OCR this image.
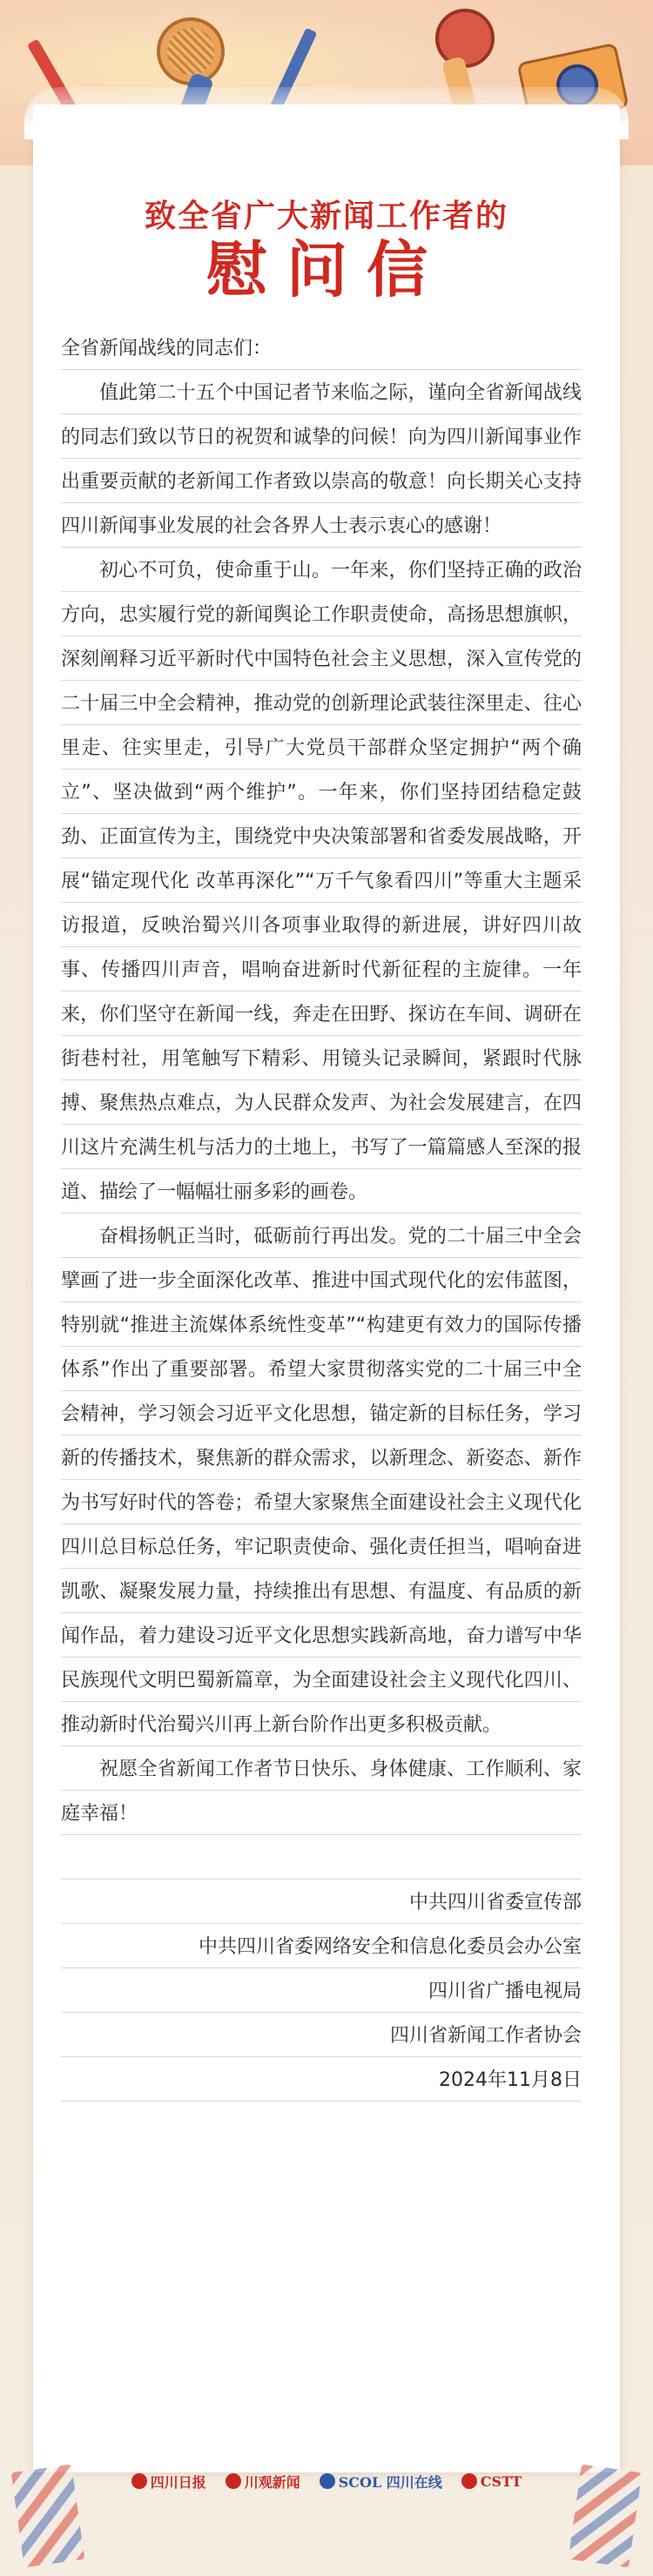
致全省广大新闻工作者的
慰问信

全省新闻战线的同志们：

值此第二十五个中国记者节来临之际，谨向全省新闻战线的同志们致以节日的祝贺和诚挚的问候！向为四川新闻事业作出重要贡献的老新闻工作者致以崇高的敬意！向长期关心支持四川新闻事业发展的社会各界人士表示衷心的感谢！

初心不可负，使命重于山。一年来，你们坚持正确的政治方向，忠实履行党的新闻舆论工作职责使命，高扬思想旗帜，深刻阐释习近平新时代中国特色社会主义思想，深入宣传党的二十届三中全会精神，推动党的创新理论武装往深里走、往心里走、往实里走，引导广大党员干部群众坚定拥护“两个确立”、坚决做到“两个维护”。一年来，你们坚持团结稳定鼓劲、正面宣传为主，围绕党中央决策部署和省委发展战略，开展“锚定现代化 改革再深化”“万千气象看四川”等重大主题采访报道，反映治蜀兴川各项事业取得的新进展，讲好四川故事、传播四川声音，唱响奋进新时代新征程的主旋律。一年来，你们坚守在新闻一线，奔走在田野、探访在车间、调研在街巷村社，用笔触写下精彩、用镜头记录瞬间，紧跟时代脉搏、聚焦热点难点，为人民群众发声、为社会发展建言，在四川这片充满生机与活力的土地上，书写了一篇篇感人至深的报道、描绘了一幅幅壮丽多彩的画卷。

奋楫扬帆正当时，砥砺前行再出发。党的二十届三中全会擘画了进一步全面深化改革、推进中国式现代化的宏伟蓝图，特别就“推进主流媒体系统性变革”“构建更有效力的国际传播体系”作出了重要部署。希望大家贯彻落实党的二十届三中全会精神，学习领会习近平文化思想，锚定新的目标任务，学习新的传播技术，聚焦新的群众需求，以新理念、新姿态、新作为书写好时代的答卷；希望大家聚焦全面建设社会主义现代化四川总目标总任务，牢记职责使命、强化责任担当，唱响奋进凯歌、凝聚发展力量，持续推出有思想、有温度、有品质的新闻作品，着力建设习近平文化思想实践新高地，奋力谱写中华民族现代文明巴蜀新篇章，为全面建设社会主义现代化四川、推动新时代治蜀兴川再上新台阶作出更多积极贡献。

祝愿全省新闻工作者节日快乐、身体健康、工作顺利、家庭幸福！

中共四川省委宣传部

中共四川省委网络安全和信息化委员会办公室

四川省广播电视局

四川省新闻工作者协会

2024年11月8日

四川日报	川观新闻	SCOL 四川在线	CSTT
